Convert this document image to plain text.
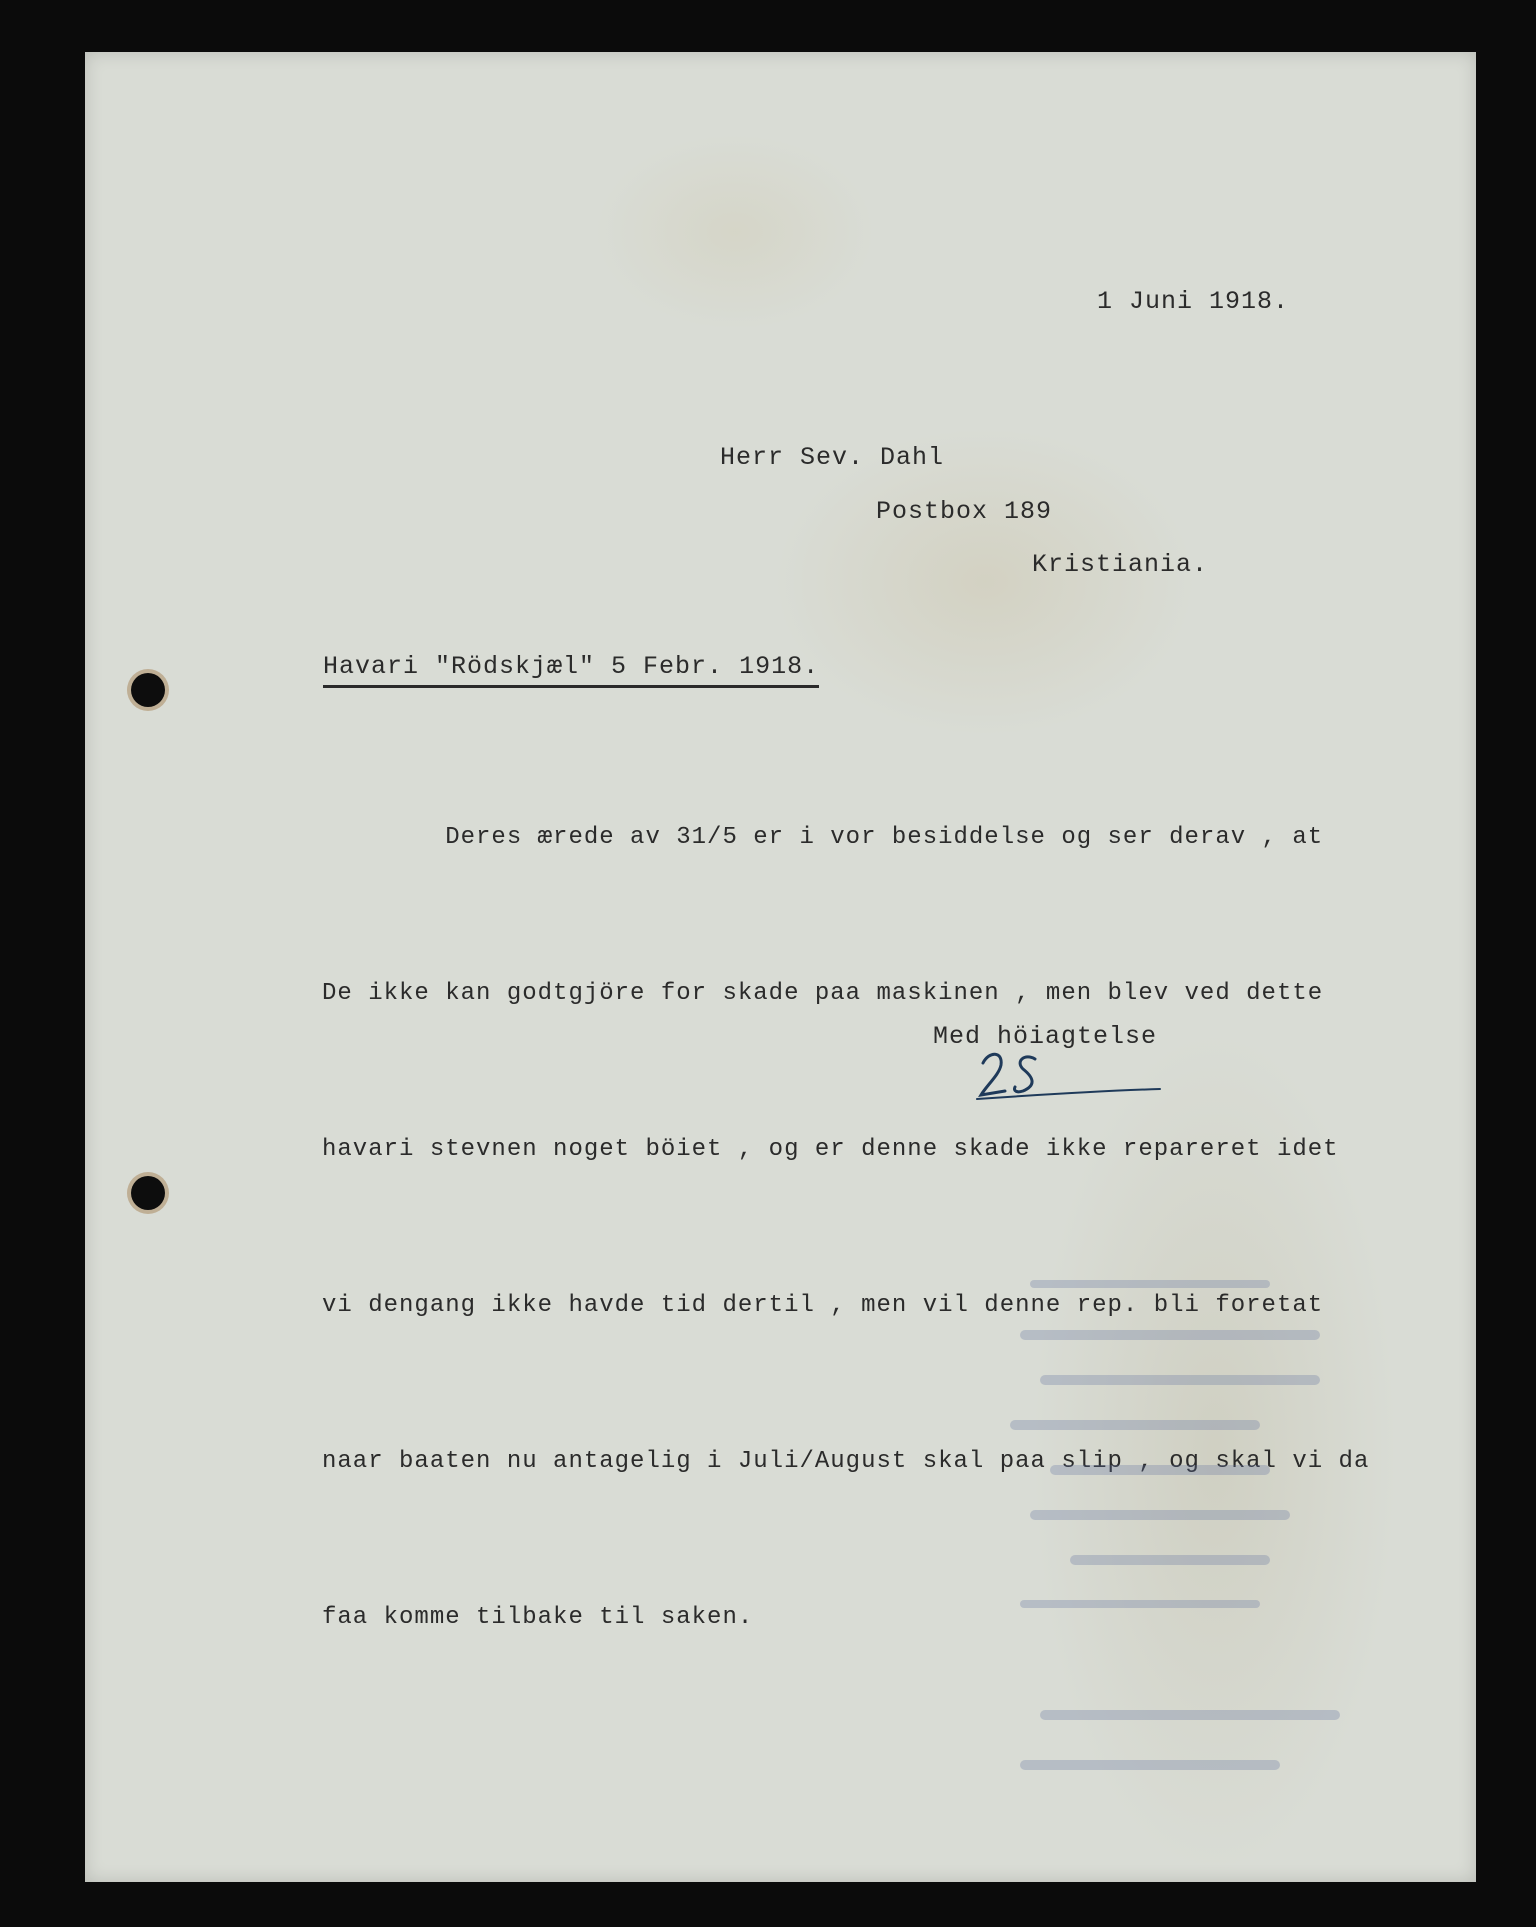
1 Juni 1918.
Herr Sev. Dahl
Postbox 189
Kristiania.
Havari "Rödskjæl" 5 Febr. 1918.

Deres ærede av 31/5 er i vor besiddelse og ser derav , at

De ikke kan godtgjöre for skade paa maskinen , men blev ved dette

havari stevnen noget böiet , og er denne skade ikke repareret idet

vi dengang ikke havde tid dertil , men vil denne rep. bli foretat

naar baaten nu antagelig i Juli/August skal paa slip , og skal vi da

faa komme tilbake til saken.

Med höiagtelse
